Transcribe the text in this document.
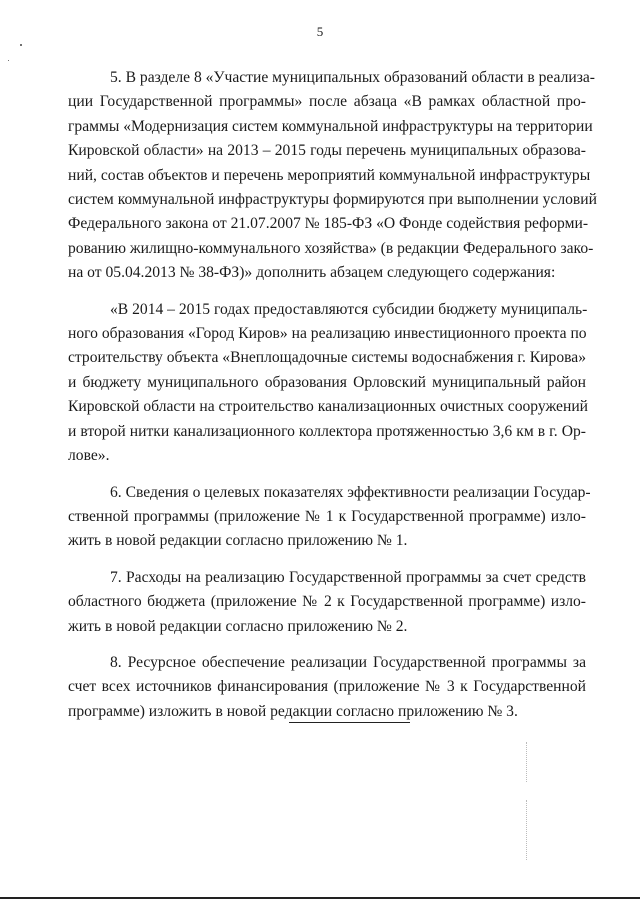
5

5. В разделе 8 «Участие муниципальных образований области в реализа-
ции Государственной программы» после абзаца «В рамках областной про-
граммы «Модернизация систем коммунальной инфраструктуры на территории
Кировской области» на 2013 – 2015 годы перечень муниципальных образова-
ний, состав объектов и перечень мероприятий коммунальной инфраструктуры
систем коммунальной инфраструктуры формируются при выполнении условий
Федерального закона от 21.07.2007 № 185-ФЗ «О Фонде содействия реформи-
рованию жилищно-коммунального хозяйства» (в редакции Федерального зако-
на от 05.04.2013 № 38-ФЗ)» дополнить абзацем следующего содержания:

«В 2014 – 2015 годах предоставляются субсидии бюджету муниципаль-
ного образования «Город Киров» на реализацию инвестиционного проекта по
строительству объекта «Внеплощадочные системы водоснабжения г. Кирова»
и бюджету муниципального образования Орловский муниципальный район
Кировской области на строительство канализационных очистных сооружений
и второй нитки канализационного коллектора протяженностью 3,6 км в г. Ор-
лове».

6. Сведения о целевых показателях эффективности реализации Государ-
ственной программы (приложение № 1 к Государственной программе) изло-
жить в новой редакции согласно приложению № 1.

7. Расходы на реализацию Государственной программы за счет средств
областного бюджета (приложение № 2 к Государственной программе) изло-
жить в новой редакции согласно приложению № 2.

8. Ресурсное обеспечение реализации Государственной программы за
счет всех источников финансирования (приложение № 3 к Государственной
программе) изложить в новой редакции согласно приложению № 3.
